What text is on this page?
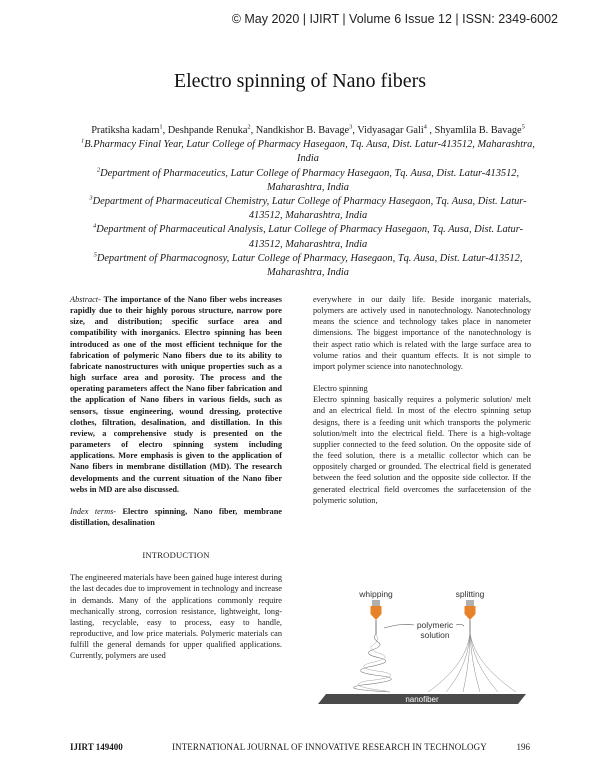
© May 2020 | IJIRT | Volume 6 Issue 12 | ISSN: 2349-6002
Electro spinning of Nano fibers

Pratiksha kadam$^1$, Deshpande Renuka$^2$, Nandkishor B. Bavage$^3$, Vidyasagar Gali$^4$ , Shyamlila B. Bavage$^5$

$^1$B.Pharmacy Final Year, Latur College of Pharmacy Hasegaon, Tq. Ausa, Dist. Latur-413512, Maharashtra, India

$^2$Department of Pharmaceutics, Latur College of Pharmacy Hasegaon, Tq. Ausa, Dist. Latur-413512, Maharashtra, India

$^3$Department of Pharmaceutical Chemistry, Latur College of Pharmacy Hasegaon, Tq. Ausa, Dist. Latur-413512, Maharashtra, India

$^4$Department of Pharmaceutical Analysis, Latur College of Pharmacy Hasegaon, Tq. Ausa, Dist. Latur-413512, Maharashtra, India

$^5$Department of Pharmacognosy, Latur College of Pharmacy, Hasegaon, Tq. Ausa, Dist. Latur-413512, Maharashtra, India

Abstract- The importance of the Nano fiber webs increases rapidly due to their highly porous structure, narrow pore size, and distribution; specific surface area and compatibility with inorganics. Electro spinning has been introduced as one of the most efficient technique for the fabrication of polymeric Nano fibers due to its ability to fabricate nanostructures with unique properties such as a high surface area and porosity. The process and the operating parameters affect the Nano fiber fabrication and the application of Nano fibers in various fields, such as sensors, tissue engineering, wound dressing, protective clothes, filtration, desalination, and distillation. In this review, a comprehensive study is presented on the parameters of electro spinning system including applications. More emphasis is given to the application of Nano fibers in membrane distillation (MD). The research developments and the current situation of the Nano fiber webs in MD are also discussed.

Index terms- Electro spinning, Nano fiber, membrane distillation, desalination

INTRODUCTION

The engineered materials have been gained huge interest during the last decades due to improvement in technology and increase in demands. Many of the applications commonly require mechanically strong, corrosion resistance, lightweight, long-lasting, recyclable, easy to process, easy to handle, reproductive, and low price materials. Polymeric materials can fulfill the general demands for upper qualified applications. Currently, polymers are used

everywhere in our daily life. Beside inorganic materials, polymers are actively used in nanotechnology. Nanotechnology means the science and technology takes place in nanometer dimensions. The biggest importance of the nanotechnology is their aspect ratio which is related with the large surface area to volume ratios and their quantum effects. It is not simple to import polymer science into nanotechnology.

Electro spinning

Electro spinning basically requires a polymeric solution/ melt and an electrical field. In most of the electro spinning setup designs, there is a feeding unit which transports the polymeric solution/melt into the electrical field. There is a high-voltage supplier connected to the feed solution. On the opposite side of the feed solution, there is a metallic collector which can be oppositely charged or grounded. The electrical field is generated between the feed solution and the opposite side collector. If the generated electrical field overcomes the surfacetension of the polymeric solution,

whipping	splitting
polymeric
solution
nanofiber
IJIRT 149400	INTERNATIONAL JOURNAL OF INNOVATIVE RESEARCH IN TECHNOLOGY	196
